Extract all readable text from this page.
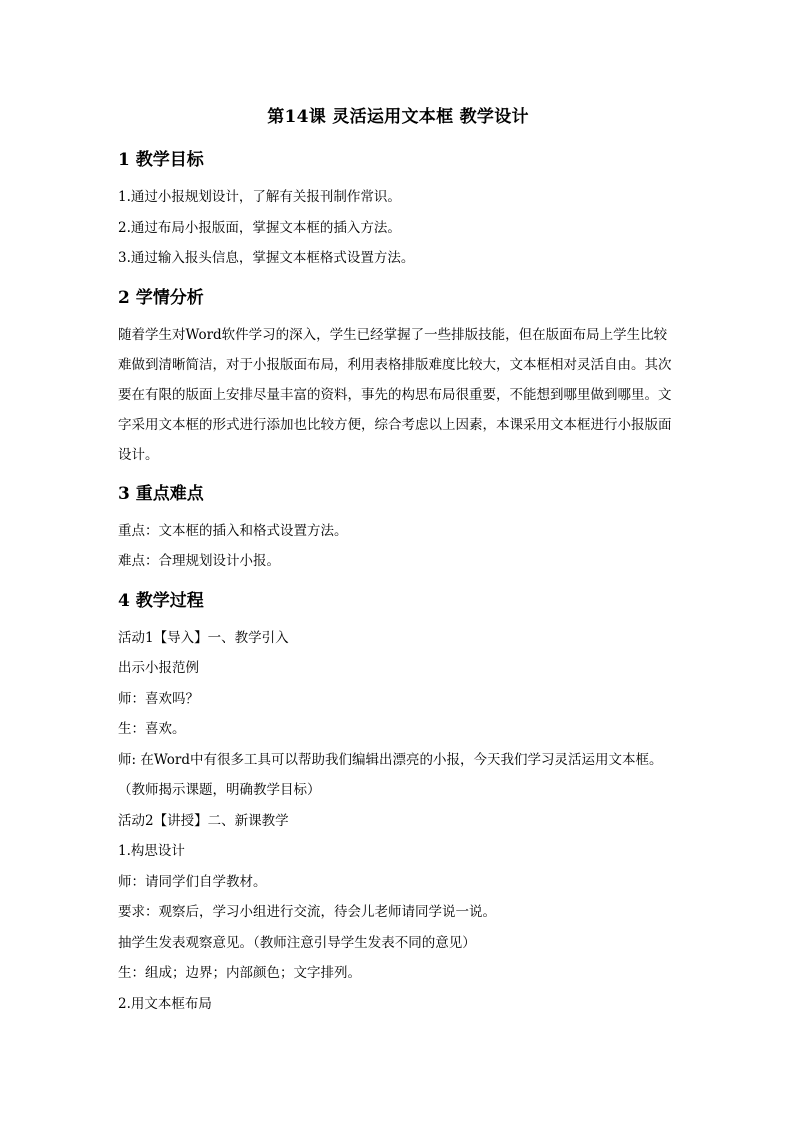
第14课 灵活运用文本框 教学设计
1 教学目标

1.通过小报规划设计，了解有关报刊制作常识。

2.通过布局小报版面，掌握文本框的插入方法。

3.通过输入报头信息，掌握文本框格式设置方法。

2 学情分析

随着学生对Word软件学习的深入，学生已经掌握了一些排版技能，但在版面布局上学生比较难做到清晰简洁，对于小报版面布局，利用表格排版难度比较大，文本框相对灵活自由。其次要在有限的版面上安排尽量丰富的资料，事先的构思布局很重要，不能想到哪里做到哪里。文字采用文本框的形式进行添加也比较方便，综合考虑以上因素，本课采用文本框进行小报版面设计。

3 重点难点

重点：文本框的插入和格式设置方法。

难点：合理规划设计小报。

4 教学过程

活动1【导入】一、教学引入

出示小报范例

师：喜欢吗？

生：喜欢。

师: 在Word中有很多工具可以帮助我们编辑出漂亮的小报，今天我们学习灵活运用文本框。（教师揭示课题，明确教学目标）

活动2【讲授】二、新课教学

1.构思设计

师：请同学们自学教材。

要求：观察后，学习小组进行交流，待会儿老师请同学说一说。

抽学生发表观察意见。（教师注意引导学生发表不同的意见）

生：组成；边界；内部颜色；文字排列。

2.用文本框布局
